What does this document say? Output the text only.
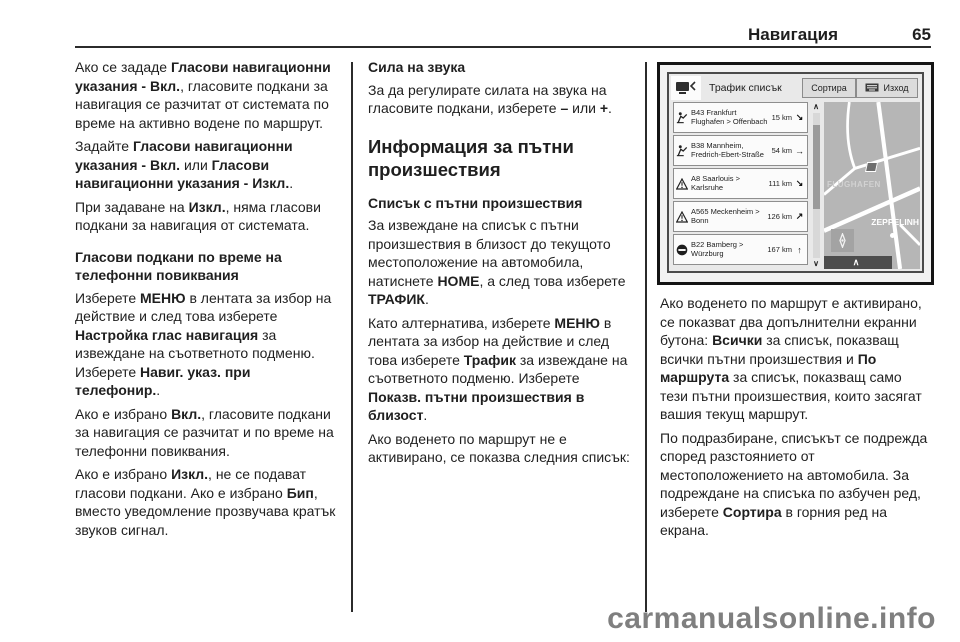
Навигация	65
Ако се зададе Гласови навигационни указания - Вкл., гласовите подкани за навигация се разчитат от системата по време на активно водене по маршрут.
Задайте Гласови навигационни указания - Вкл. или Гласови навигационни указания - Изкл..
При задаване на Изкл., няма гласови подкани за навигация от системата.
Гласови подкани по време на телефонни повиквания
Изберете МЕНЮ в лентата за избор на действие и след това изберете Настройка глас навигация за извеждане на съответното подменю. Изберете Навиг. указ. при телефонир..
Ако е избрано Вкл., гласовите подкани за навигация се разчитат и по време на телефонни повиквания.
Ако е избрано Изкл., не се подават гласови подкани. Ако е избрано Бип, вместо уведомление прозвучава кратък звуков сигнал.
Сила на звука
За да регулирате силата на звука на гласовите подкани, изберете – или +.
Информация за пътни произшествия
Списък с пътни произшествия
За извеждане на списък с пътни произшествия в близост до текущото местоположение на автомобила, натиснете HOME, а след това изберете ТРАФИК.
Като алтернатива, изберете МЕНЮ в лентата за избор на действие и след това изберете Трафик за извеждане на съответното подменю. Изберете Показв. пътни произшествия в близост.
Ако воденето по маршрут не е активирано, се показва следния списък:
Ако воденето по маршрут е активирано, се показват два допълнителни екранни бутона: Всички за списък, показващ всички пътни произшествия и По маршрута за списък, показващ само тези пътни произшествия, които засягат вашия текущ маршрут.
По подразбиране, списъкът се подрежда според разстоянието от местоположението на автомобила. За подреждане на списъка по азбучен ред, изберете Сортира в горния ред на екрана.
Трафик списък	Сортира	Изход
B43 Frankfurt Flughafen > Offenbach 15 km ↘
B38 Mannheim, Fredrich-Ebert-Straße	54 km →
A8 Saarlouis > Karlsruhe	111 km ↘
A565 Meckenheim > Bonn	126 km ↗
B22 Bamberg > Würzburg	167 km ↑
∧
∨
FLUGHAFEN
ZEPPELINH
∧
carmanualsonline.info
